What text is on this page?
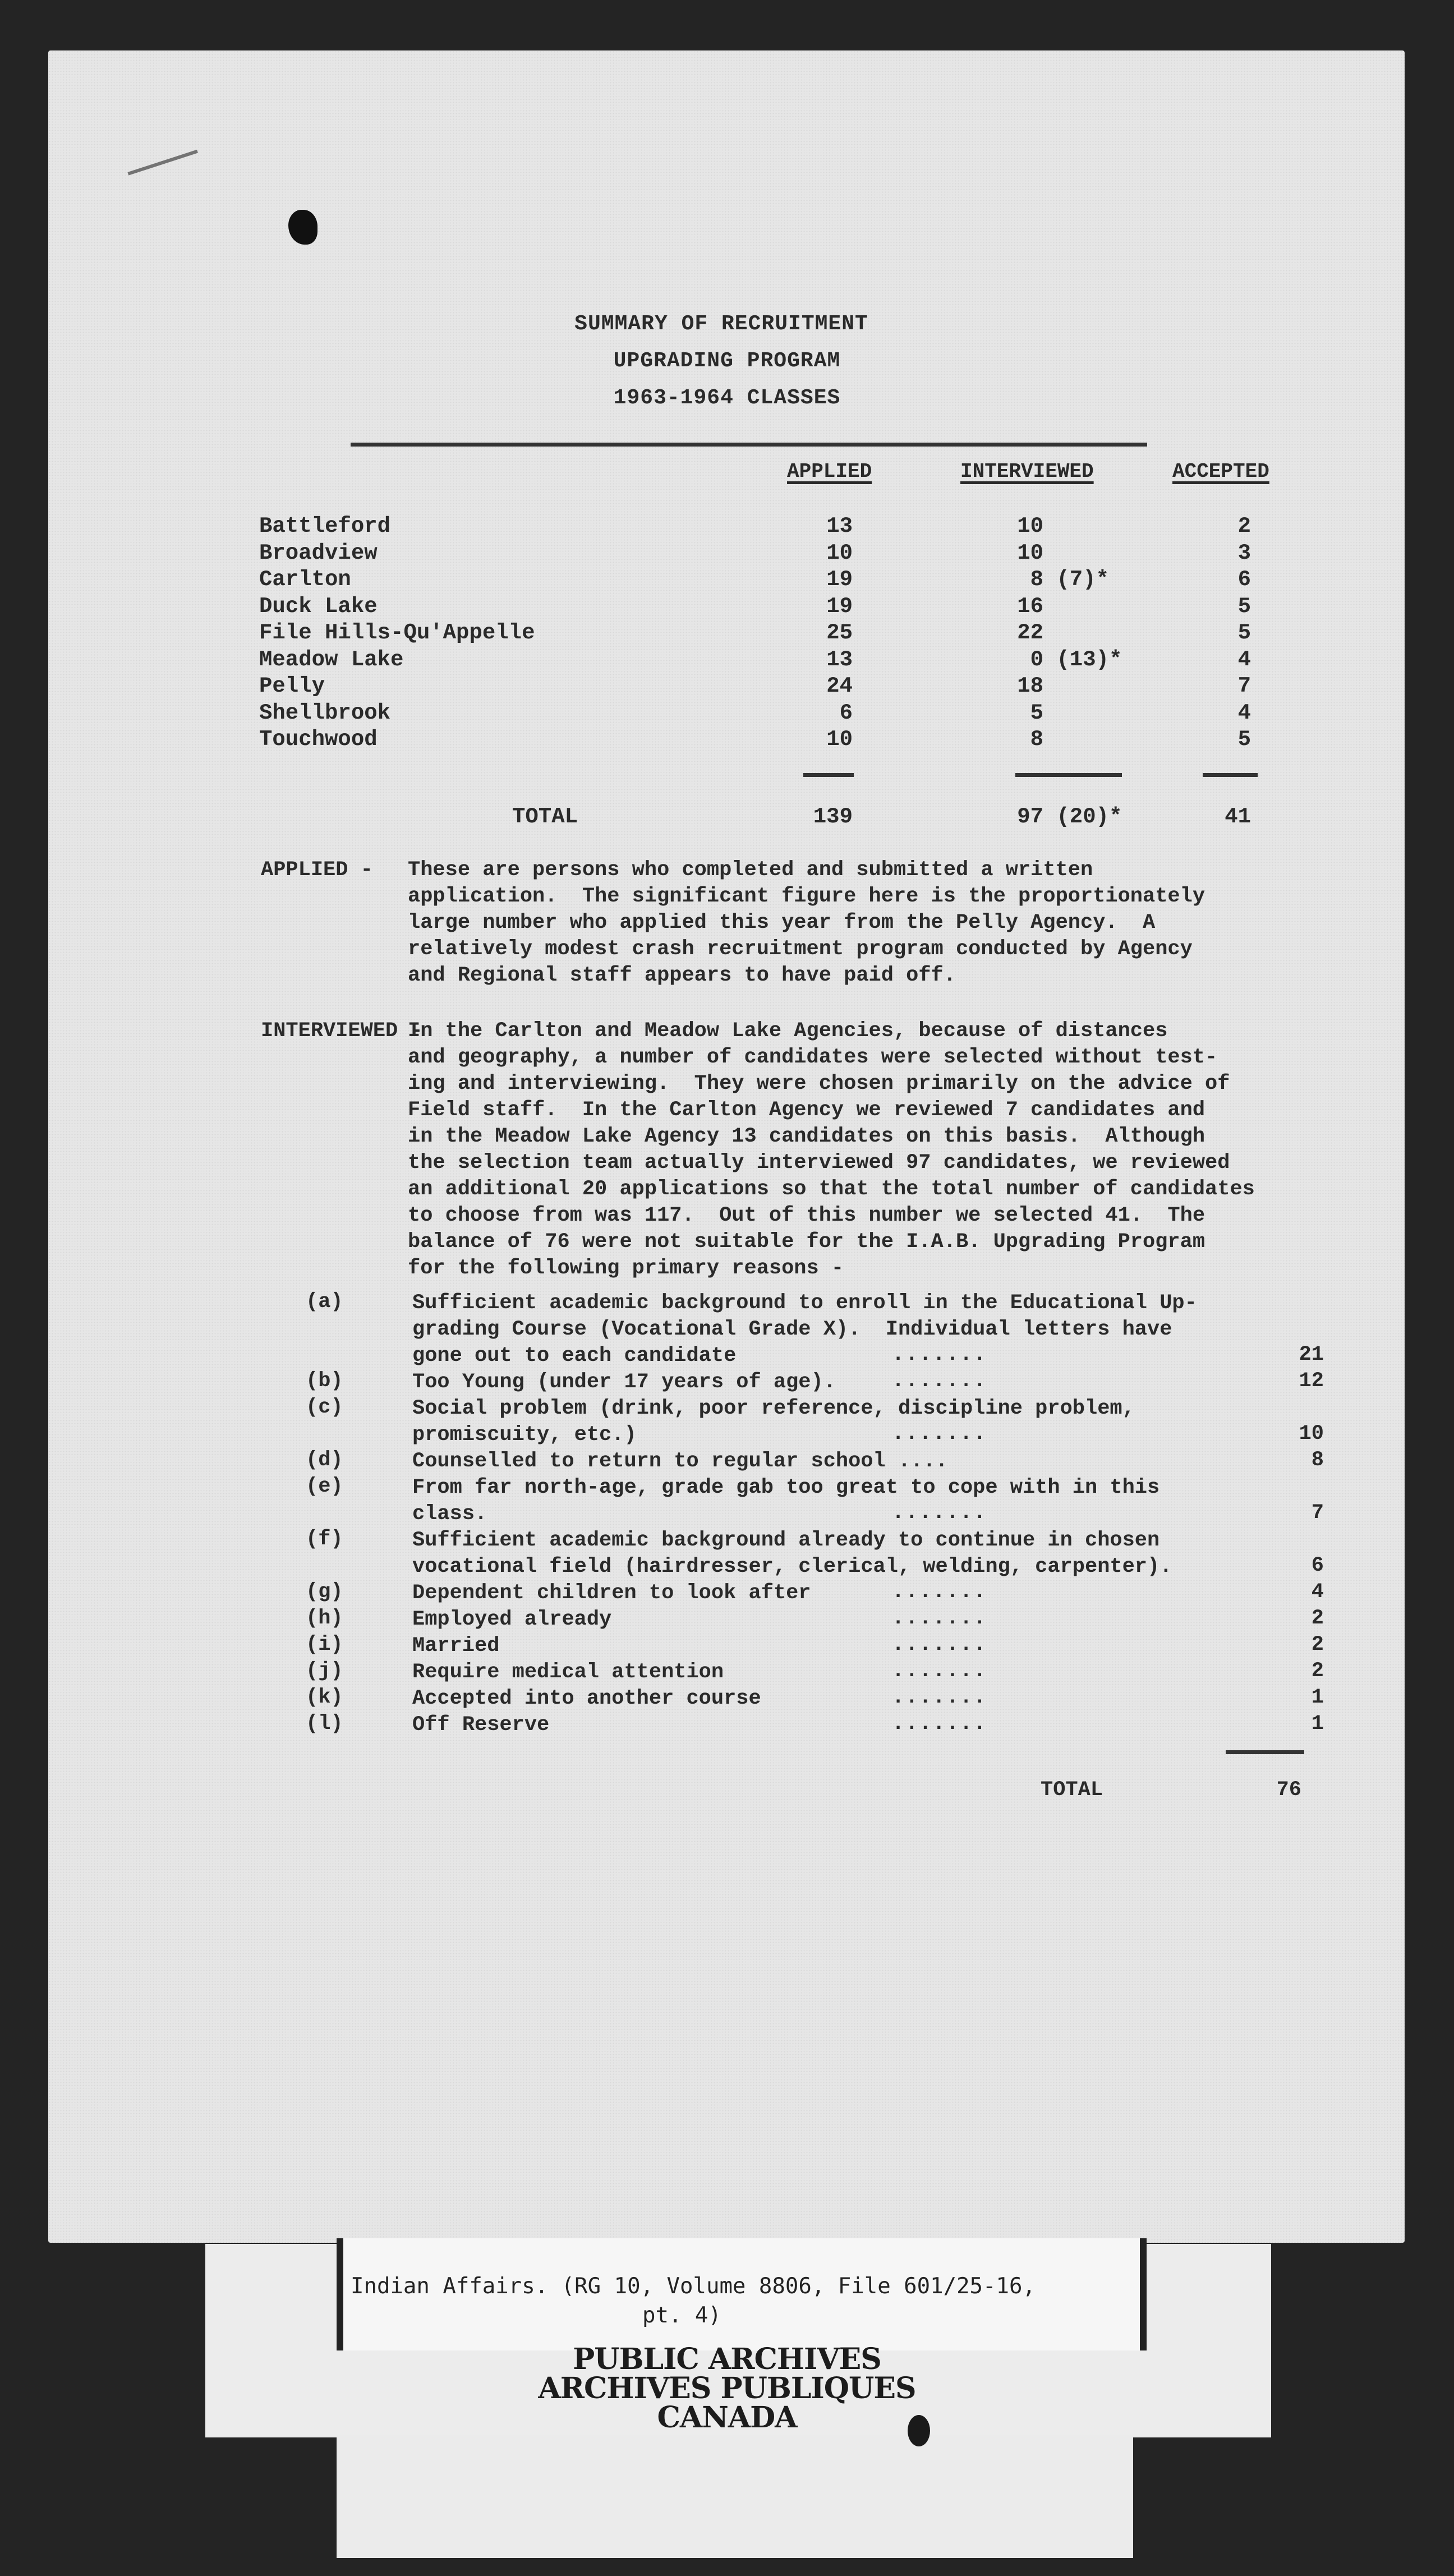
SUMMARY OF RECRUITMENT
UPGRADING PROGRAM
1963-1964 CLASSES
APPLIED	INTERVIEWED	ACCEPTED
Battleford	13	10	2
Broadview	10	10	3
Carlton	19	8 (7)*	6
Duck Lake	19	16	5
File Hills-Qu'Appelle	25	22	5
Meadow Lake	13	0 (13)*	4
Pelly	24	18	7
Shellbrook	6	5	4
Touchwood	10	8	5
TOTAL	139	97 (20)*	41
APPLIED - These are persons who completed and submitted a written
application.  The significant figure here is the proportionately
large number who applied this year from the Pelly Agency.  A
relatively modest crash recruitment program conducted by Agency
and Regional staff appears to have paid off.
INTERVIEWED -
In the Carlton and Meadow Lake Agencies, because of distances
and geography, a number of candidates were selected without test-
ing and interviewing.  They were chosen primarily on the advice of
Field staff.  In the Carlton Agency we reviewed 7 candidates and
in the Meadow Lake Agency 13 candidates on this basis.  Although
the selection team actually interviewed 97 candidates, we reviewed
an additional 20 applications so that the total number of candidates
to choose from was 117.  Out of this number we selected 41.  The
balance of 76 were not suitable for the I.A.B. Upgrading Program
for the following primary reasons -
(a)	Sufficient academic background to enroll in the Educational Up-
grading Course (Vocational Grade X).  Individual letters have
gone out to each candidate	.......	21
(b)	Too Young (under 17 years of age).	.......	12
(c)	Social problem (drink, poor reference, discipline problem,
promiscuity, etc.)	.......	10
(d)	Counselled to return to regular school ....	8
(e)	From far north-age, grade gab too great to cope with in this
class.	.......	7
(f)	Sufficient academic background already to continue in chosen
vocational field (hairdresser, clerical, welding, carpenter).	6
(g)	Dependent children to look after	.......	4
(h)	Employed already	.......	2
(i)	Married	.......	2
(j)	Require medical attention	.......	2
(k)	Accepted into another course	.......	1
(l)	Off Reserve	.......	1
TOTAL	76
Indian Affairs. (RG 10, Volume 8806, File 601/25-16,
pt. 4)
PUBLIC ARCHIVES
ARCHIVES PUBLIQUES
CANADA
